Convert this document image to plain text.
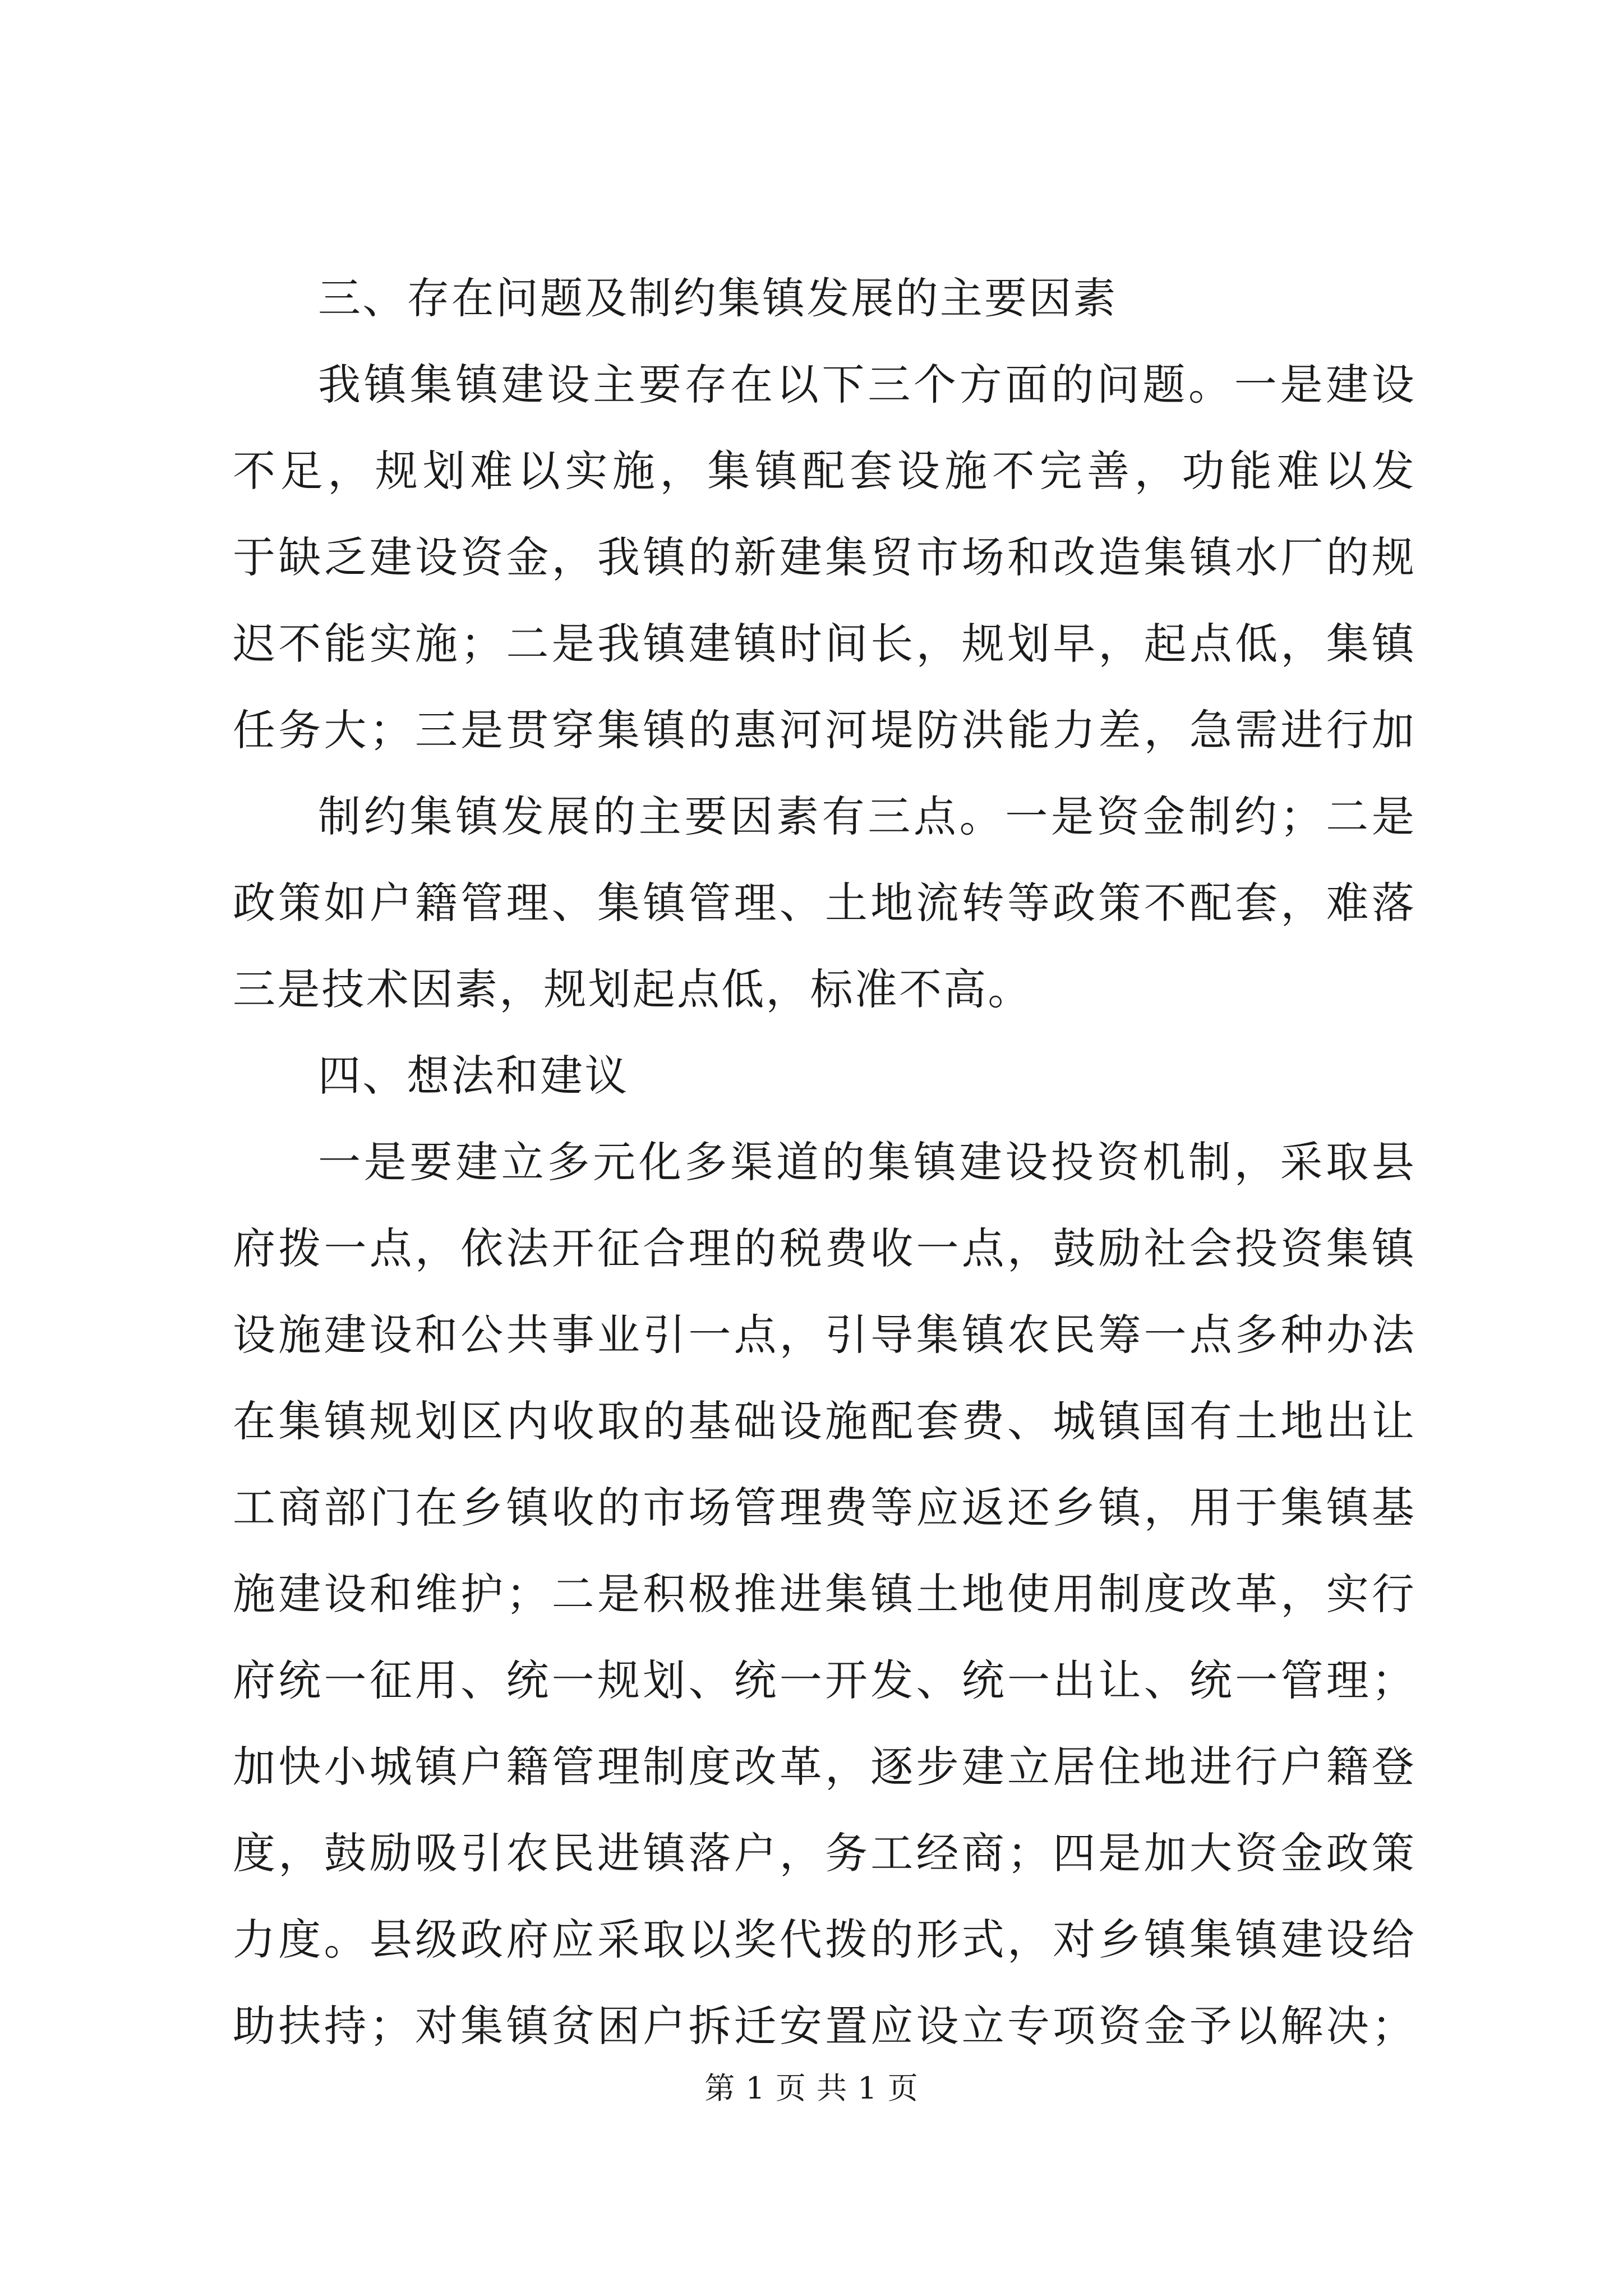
三、存在问题及制约集镇发展的主要因素
我镇集镇建设主要存在以下三个方面的问题。一是建设
不足，规划难以实施，集镇配套设施不完善，功能难以发
于缺乏建设资金，我镇的新建集贸市场和改造集镇水厂的规
迟不能实施；二是我镇建镇时间长，规划早，起点低，集镇
任务大；三是贯穿集镇的惠河河堤防洪能力差，急需进行加
制约集镇发展的主要因素有三点。一是资金制约；二是
政策如户籍管理、集镇管理、土地流转等政策不配套，难落
三是技术因素，规划起点低，标准不高。
四、想法和建议
一是要建立多元化多渠道的集镇建设投资机制，采取县
府拨一点，依法开征合理的税费收一点，鼓励社会投资集镇
设施建设和公共事业引一点，引导集镇农民筹一点多种办法
在集镇规划区内收取的基础设施配套费、城镇国有土地出让
工商部门在乡镇收的市场管理费等应返还乡镇，用于集镇基
施建设和维护；二是积极推进集镇土地使用制度改革，实行
府统一征用、统一规划、统一开发、统一出让、统一管理；
加快小城镇户籍管理制度改革，逐步建立居住地进行户籍登
度，鼓励吸引农民进镇落户，务工经商；四是加大资金政策
力度。县级政府应采取以奖代拨的形式，对乡镇集镇建设给
助扶持；对集镇贫困户拆迁安置应设立专项资金予以解决；
第 1 页 共 1 页
